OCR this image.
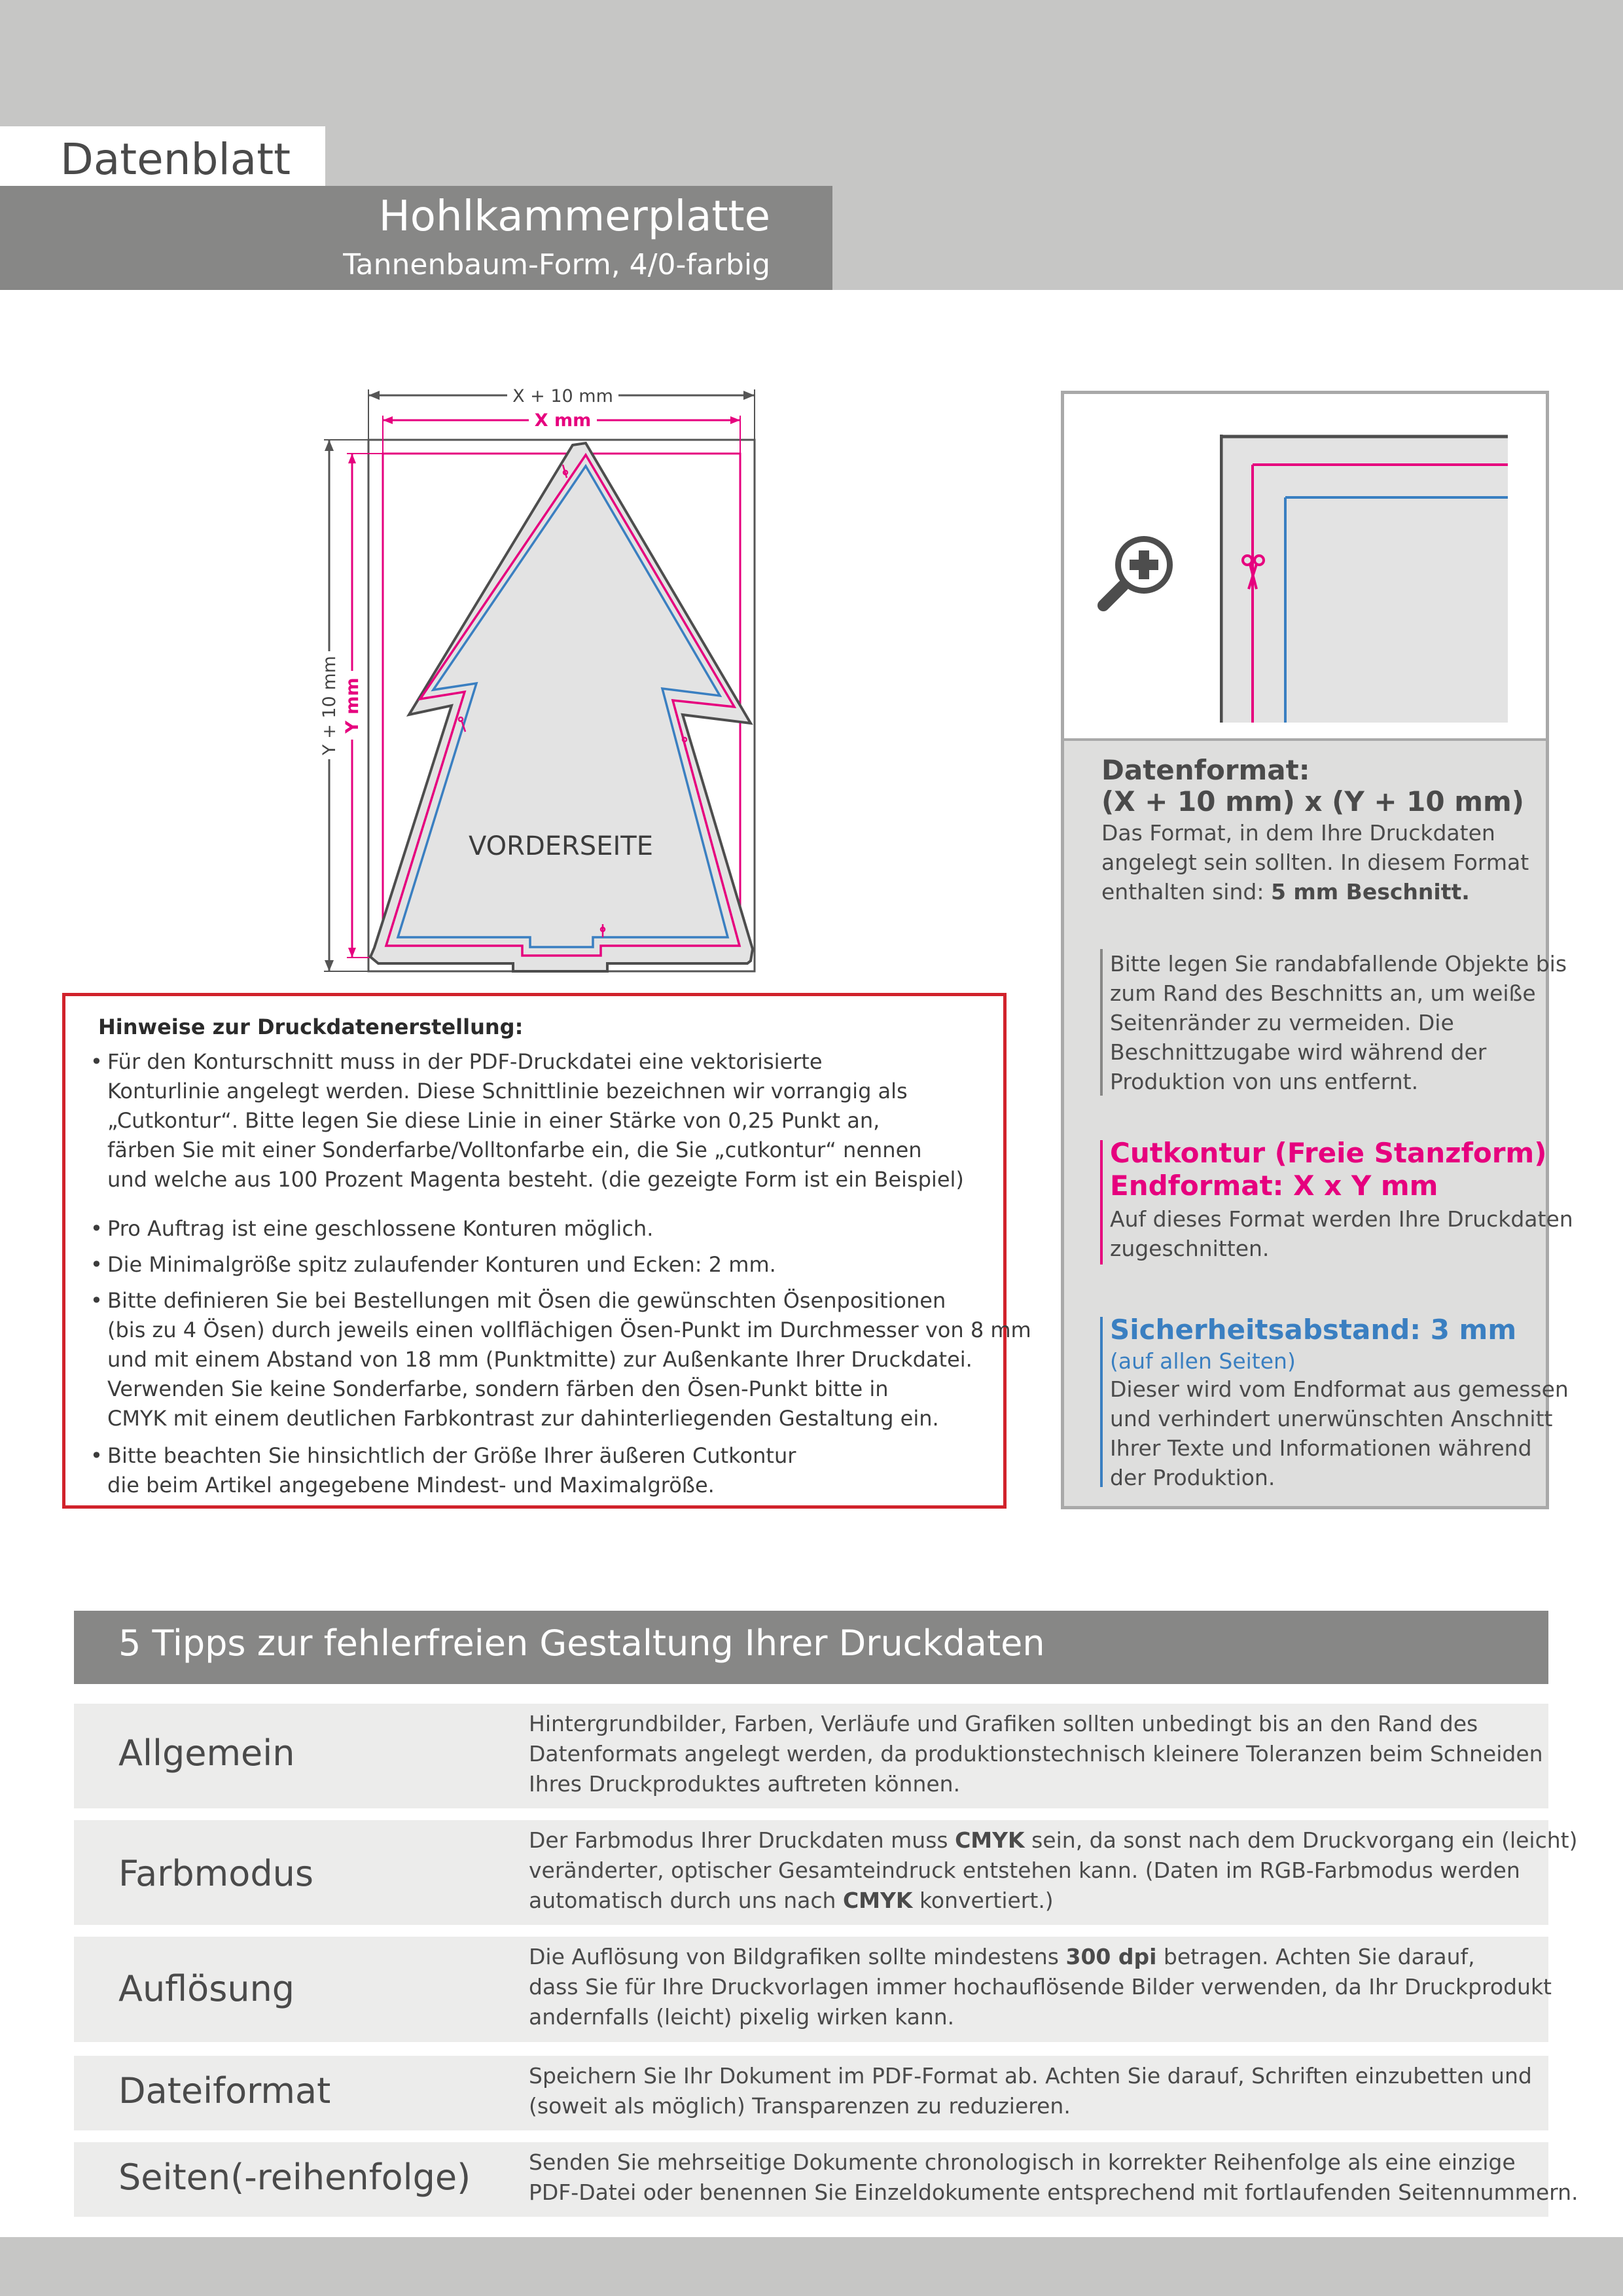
Datenblatt
Hohlkammerplatte
Tannenbaum-Form, 4/0-farbig
X + 10 mm
X mm
Y + 10 mm Y mm
VORDERSEITE
Hinweise zur Druckdatenerstellung:
• Für den Konturschnitt muss in der PDF-Druckdatei eine vektorisierte
Konturlinie angelegt werden. Diese Schnittlinie bezeichnen wir vorrangig als
„Cutkontur“. Bitte legen Sie diese Linie in einer Stärke von 0,25 Punkt an,
färben Sie mit einer Sonderfarbe/Volltonfarbe ein, die Sie „cutkontur“ nennen
und welche aus 100 Prozent Magenta besteht. (die gezeigte Form ist ein Beispiel)
• Pro Auftrag ist eine geschlossene Konturen möglich.
• Die Minimalgröße spitz zulaufender Konturen und Ecken: 2 mm.
• Bitte definieren Sie bei Bestellungen mit Ösen die gewünschten Ösenpositionen
(bis zu 4 Ösen) durch jeweils einen vollflächigen Ösen-Punkt im Durchmesser von 8 mm
und mit einem Abstand von 18 mm (Punktmitte) zur Außenkante Ihrer Druckdatei.
Verwenden Sie keine Sonderfarbe, sondern färben den Ösen-Punkt bitte in
CMYK mit einem deutlichen Farbkontrast zur dahinterliegenden Gestaltung ein.
• Bitte beachten Sie hinsichtlich der Größe Ihrer äußeren Cutkontur
die beim Artikel angegebene Mindest- und Maximalgröße.
Datenformat:
(X + 10 mm) x (Y + 10 mm)
Das Format, in dem Ihre Druckdaten
angelegt sein sollten. In diesem Format
enthalten sind: 5 mm Beschnitt.
Bitte legen Sie randabfallende Objekte bis
zum Rand des Beschnitts an, um weiße
Seitenränder zu vermeiden. Die
Beschnittzugabe wird während der
Produktion von uns entfernt.
Cutkontur (Freie Stanzform)
Endformat: X x Y mm
Auf dieses Format werden Ihre Druckdaten
zugeschnitten.
Sicherheitsabstand: 3 mm
(auf allen Seiten)
Dieser wird vom Endformat aus gemessen
und verhindert unerwünschten Anschnitt
Ihrer Texte und Informationen während
der Produktion.
5 Tipps zur fehlerfreien Gestaltung Ihrer Druckdaten
Allgemein
Hintergrundbilder, Farben, Verläufe und Grafiken sollten unbedingt bis an den Rand des
Datenformats angelegt werden, da produktionstechnisch kleinere Toleranzen beim Schneiden
Ihres Druckproduktes auftreten können.
Farbmodus
Der Farbmodus Ihrer Druckdaten muss CMYK sein, da sonst nach dem Druckvorgang ein (leicht)
veränderter, optischer Gesamteindruck entstehen kann. (Daten im RGB-Farbmodus werden
automatisch durch uns nach CMYK konvertiert.)
Auflösung
Die Auflösung von Bildgrafiken sollte mindestens 300 dpi betragen. Achten Sie darauf,
dass Sie für Ihre Druckvorlagen immer hochauflösende Bilder verwenden, da Ihr Druckprodukt
andernfalls (leicht) pixelig wirken kann.
Dateiformat	Speichern Sie Ihr Dokument im PDF-Format ab. Achten Sie darauf, Schriften einzubetten und
(soweit als möglich) Transparenzen zu reduzieren.
Seiten(-reihenfolge)	Senden Sie mehrseitige Dokumente chronologisch in korrekter Reihenfolge als eine einzige
PDF-Datei oder benennen Sie Einzeldokumente entsprechend mit fortlaufenden Seitennummern.
